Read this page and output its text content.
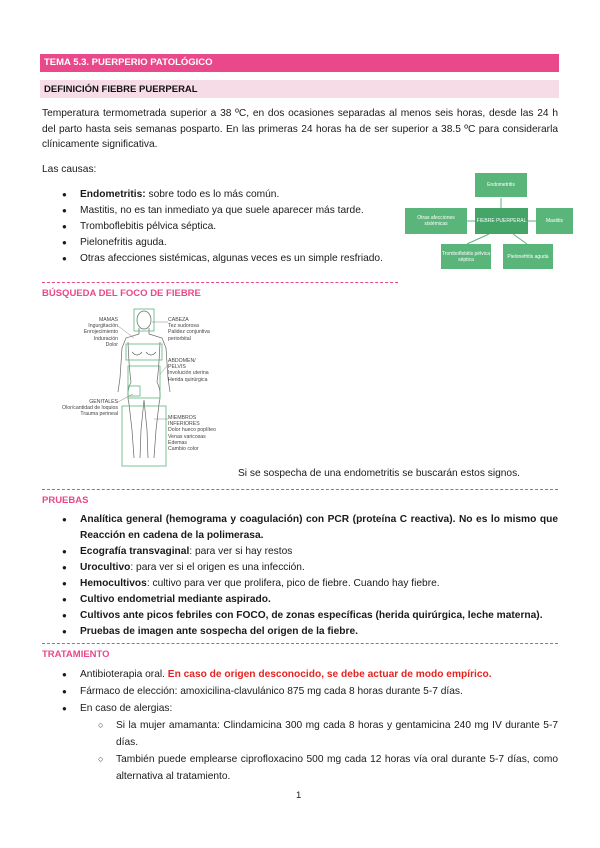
TEMA 5.3. PUERPERIO PATOLÓGICO
DEFINICIÓN FIEBRE PUERPERAL
Temperatura termometrada superior a 38 ºC, en dos ocasiones separadas al menos seis horas, desde las 24 h del parto hasta seis semanas posparto. En las primeras 24 horas ha de ser superior a 38.5 ºC para considerarla clínicamente significativa.
Las causas:
● Endometritis: sobre todo es lo más común.
● Mastitis, no es tan inmediato ya que suele aparecer más tarde.
● Tromboflebitis pélvica séptica.
● Pielonefritis aguda.
● Otras afecciones sistémicas, algunas veces es un simple resfriado.
Endometritis
Otras afecciones sistémicas	FIEBRE PUERPERAL	Mastitis
Tromboflebitis pélvica séptica	Pielonefritis aguda
BÚSQUEDA DEL FOCO DE FIEBRE
MAMAS
Ingurgitación
Enrojecimiento
Induración
Dolor
CABEZA
Tez sudorosa
Palidez conjuntiva
periorbital
ABDOMEN/
PELVIS
Involución uterina
Herida quirúrgica
GENITALES
Olor/cantidad de loquios
Trauma perineal
MIEMBROS
INFERIORES
Dolor hueco poplíteo
Venas varicosas
Edemas
Cambio color
Si se sospecha de una endometritis se buscarán estos signos.
PRUEBAS
● Analítica general (hemograma y coagulación) con PCR (proteína C reactiva). No es lo mismo que Reacción en cadena de la polimerasa.
● Ecografía transvaginal: para ver si hay restos
● Urocultivo: para ver si el origen es una infección.
● Hemocultivos: cultivo para ver que prolifera, pico de fiebre. Cuando hay fiebre.
● Cultivo endometrial mediante aspirado.
● Cultivos ante picos febriles con FOCO, de zonas específicas (herida quirúrgica, leche materna).
● Pruebas de imagen ante sospecha del origen de la fiebre.
TRATAMIENTO
● Antibioterapia oral. En caso de origen desconocido, se debe actuar de modo empírico.
● Fármaco de elección: amoxicilina-clavulánico 875 mg cada 8 horas durante 5-7 días.
● En caso de alergias:
○ Si la mujer amamanta: Clindamicina 300 mg cada 8 horas y gentamicina 240 mg IV durante 5-7 días.
○ También puede emplearse ciprofloxacino 500 mg cada 12 horas vía oral durante 5-7 días, como alternativa al tratamiento.
1
